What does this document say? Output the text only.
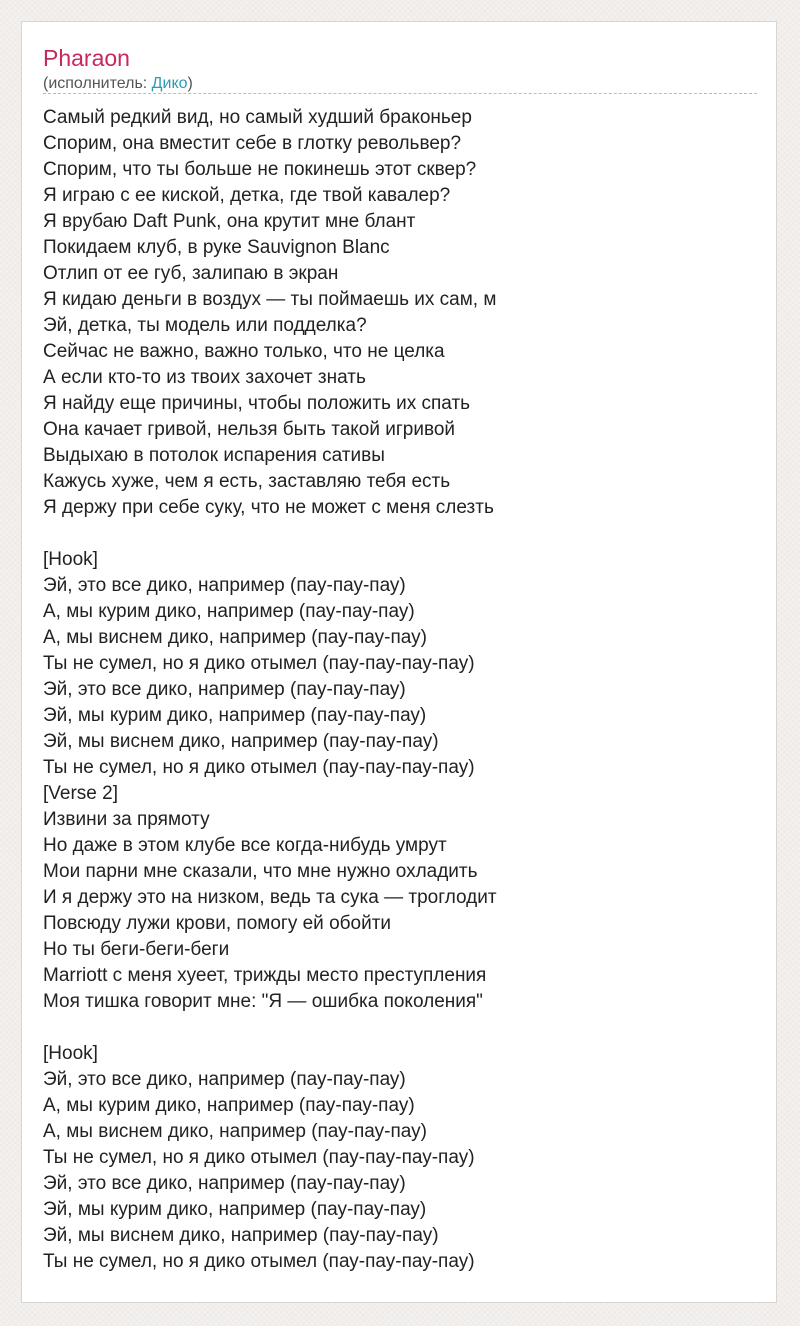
Pharaon
(исполнитель: Дико)
Самый редкий вид, но самый худший браконьер
Спорим, она вместит себе в глотку револьвер?
Спорим, что ты больше не покинешь этот сквер?
Я играю с ее киской, детка, где твой кавалер?
Я врубаю Daft Punk, она крутит мне блант
Покидаем клуб, в руке Sauvignon Blanc
Отлип от ее губ, залипаю в экран
Я кидаю деньги в воздух — ты поймаешь их сам, м
Эй, детка, ты модель или подделка?
Сейчас не важно, важно только, что не целка
А если кто-то из твоих захочет знать
Я найду еще причины, чтобы положить их спать
Она качает гривой, нельзя быть такой игривой
Выдыхаю в потолок испарения сативы
Кажусь хуже, чем я есть, заставляю тебя есть
Я держу при себе суку, что не может с меня слезть
[Hook]
Эй, это все дико, например (пау-пау-пау)
А, мы курим дико, например (пау-пау-пау)
А, мы виснем дико, например (пау-пау-пау)
Ты не сумел, но я дико отымел (пау-пау-пау-пау)
Эй, это все дико, например (пау-пау-пау)
Эй, мы курим дико, например (пау-пау-пау)
Эй, мы виснем дико, например (пау-пау-пау)
Ты не сумел, но я дико отымел (пау-пау-пау-пау)
[Verse 2]
Извини за прямоту
Но даже в этом клубе все когда-нибудь умрут
Мои парни мне сказали, что мне нужно охладить
И я держу это на низком, ведь та сука — троглодит
Повсюду лужи крови, помогу ей обойти
Но ты беги-беги-беги
Marriott с меня хуеет, трижды место преступления
Моя тишка говорит мне: "Я — ошибка поколения"
[Hook]
Эй, это все дико, например (пау-пау-пау)
А, мы курим дико, например (пау-пау-пау)
А, мы виснем дико, например (пау-пау-пау)
Ты не сумел, но я дико отымел (пау-пау-пау-пау)
Эй, это все дико, например (пау-пау-пау)
Эй, мы курим дико, например (пау-пау-пау)
Эй, мы виснем дико, например (пау-пау-пау)
Ты не сумел, но я дико отымел (пау-пау-пау-пау)
